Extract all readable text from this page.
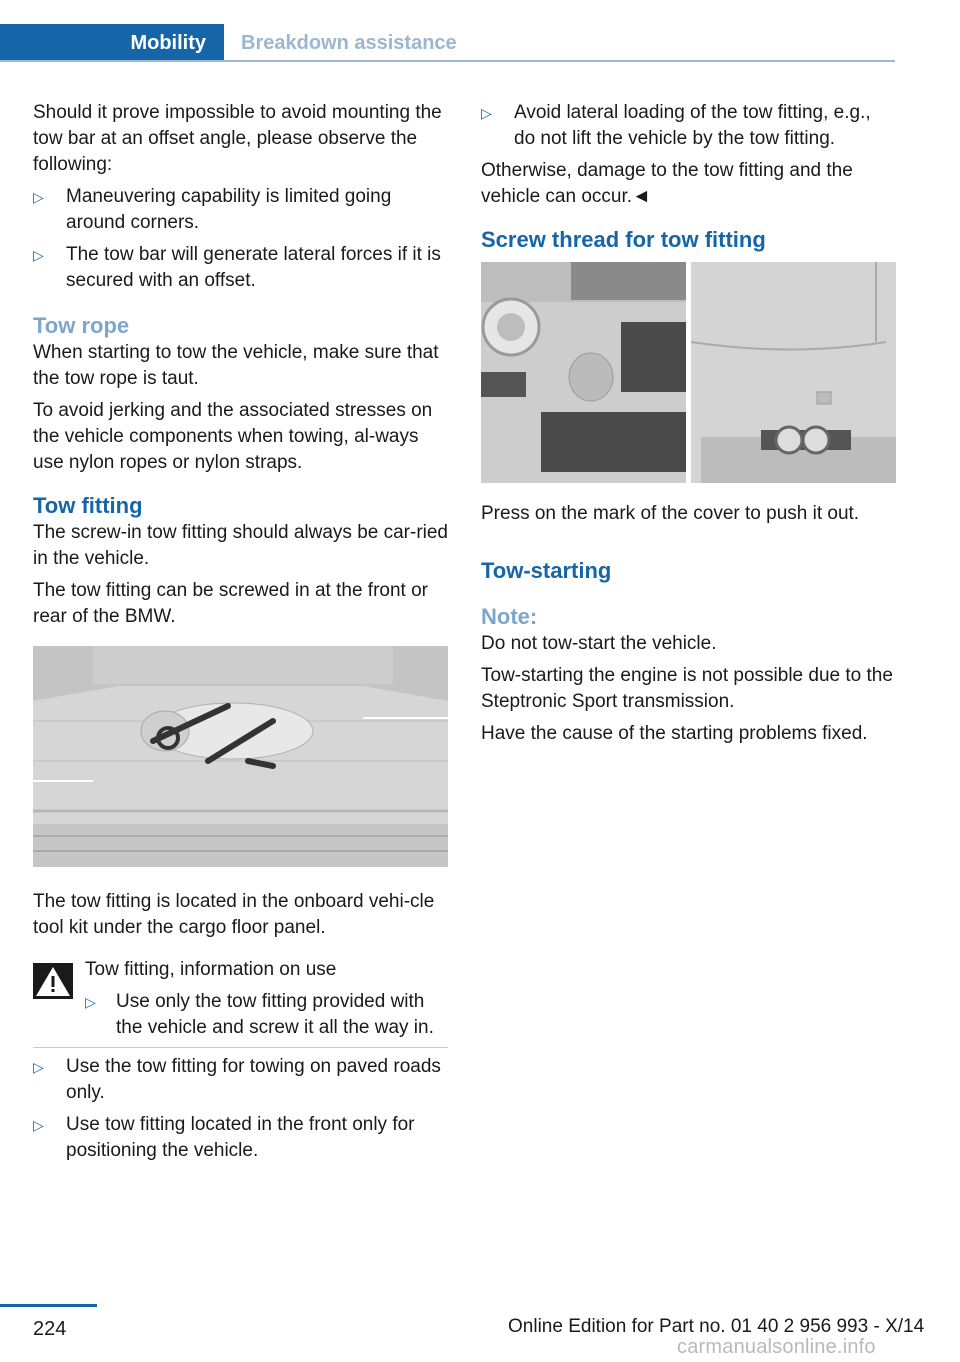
Mobility	Breakdown assistance

Should it prove impossible to avoid mounting the tow bar at an offset angle, please observe the following:

▷ Maneuvering capability is limited going around corners.
▷ The tow bar will generate lateral forces if it is secured with an offset.
Tow rope

When starting to tow the vehicle, make sure that the tow rope is taut.

To avoid jerking and the associated stresses on the vehicle components when towing, al-ways use nylon ropes or nylon straps.

Tow fitting

The screw-in tow fitting should always be car-ried in the vehicle.

The tow fitting can be screwed in at the front or rear of the BMW.

The tow fitting is located in the onboard vehi-cle tool kit under the cargo floor panel.

Tow fitting, information on use

▷ Use only the tow fitting provided with the vehicle and screw it all the way in.
▷ Use the tow fitting for towing on paved roads only.
▷ Use tow fitting located in the front only for positioning the vehicle.
▷ Avoid lateral loading of the tow fitting, e.g., do not lift the vehicle by the tow fitting.

Otherwise, damage to the tow fitting and the vehicle can occur.◄

Screw thread for tow fitting

Press on the mark of the cover to push it out.

Tow-starting
Note:

Do not tow-start the vehicle.

Tow-starting the engine is not possible due to the Steptronic Sport transmission.

Have the cause of the starting problems fixed.

224	Online Edition for Part no. 01 40 2 956 993 - X/14
carmanualsonline.info
